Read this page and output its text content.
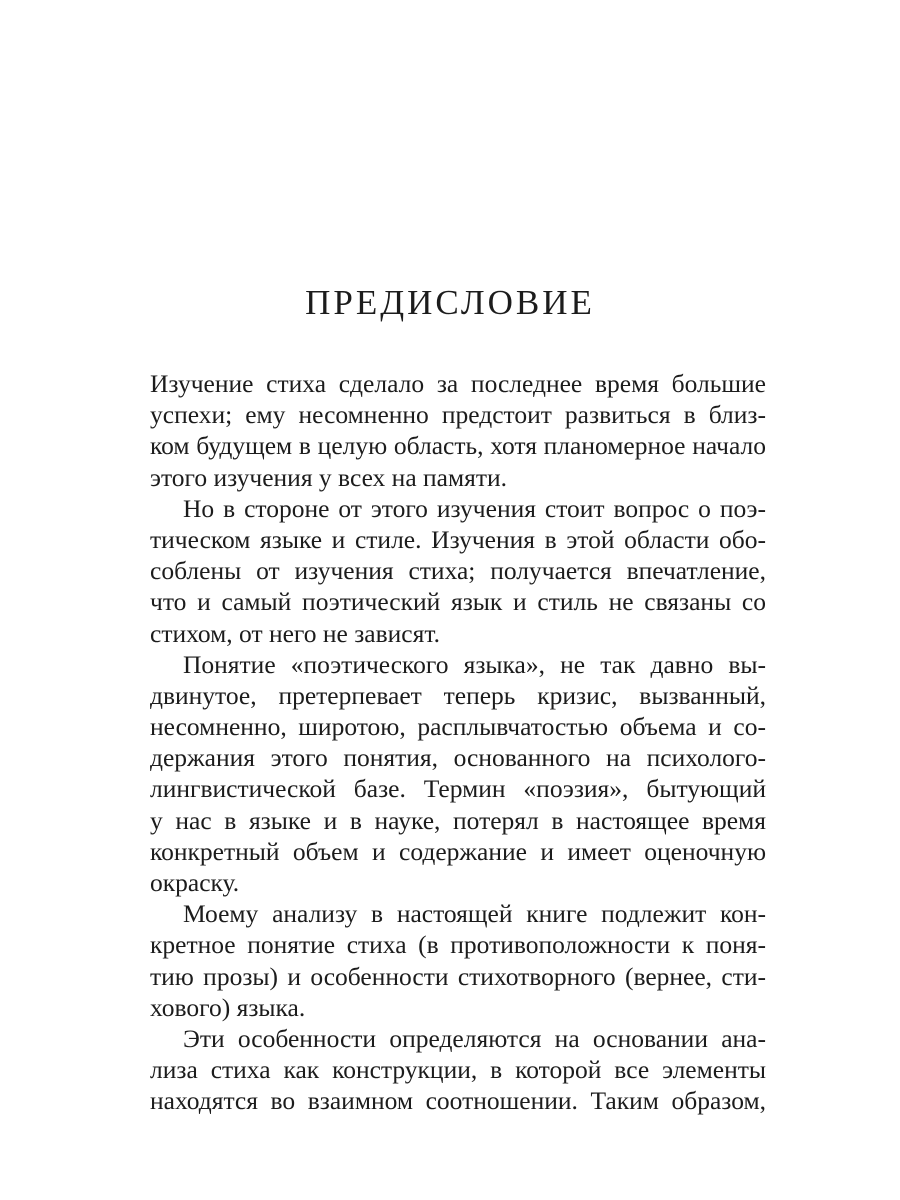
ПРЕДИСЛОВИЕ
Изучение стиха сделало за последнее время большие
успехи; ему несомненно предстоит развиться в близ-
ком будущем в целую область, хотя планомерное начало
этого изучения у всех на памяти.
Но в стороне от этого изучения стоит вопрос о поэ-
тическом языке и стиле. Изучения в этой области обо-
соблены от изучения стиха; получается впечатление,
что и самый поэтический язык и стиль не связаны со
стихом, от него не зависят.
Понятие «поэтического языка», не так давно вы-
двинутое, претерпевает теперь кризис, вызванный,
несомненно, широтою, расплывчатостью объема и со-
держания этого понятия, основанного на психолого-
лингвистической базе. Термин «поэзия», бытующий
у нас в языке и в науке, потерял в настоящее время
конкретный объем и содержание и имеет оценочную
окраску.
Моему анализу в настоящей книге подлежит кон-
кретное понятие стиха (в противоположности к поня-
тию прозы) и особенности стихотворного (вернее, сти-
хового) языка.
Эти особенности определяются на основании ана-
лиза стиха как конструкции, в которой все элементы
находятся во взаимном соотношении. Таким образом,
